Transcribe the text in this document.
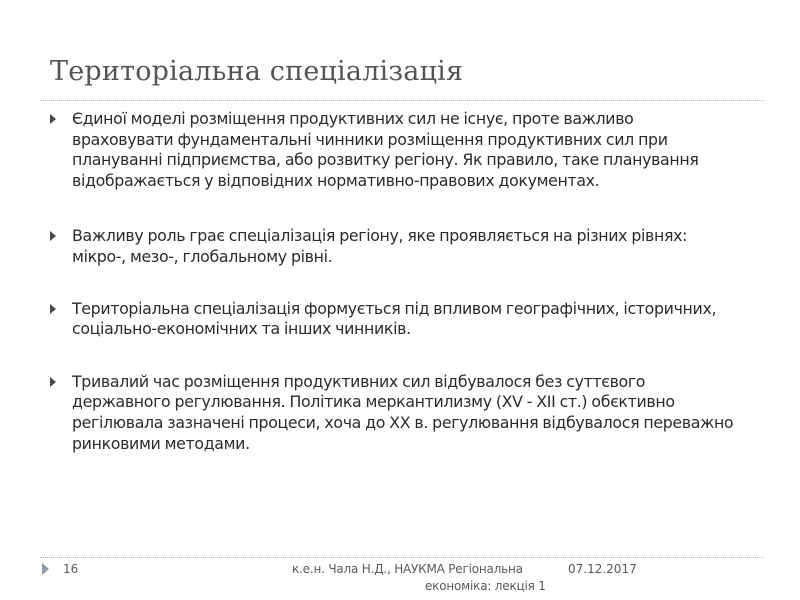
Територіальна спеціалізація
Єдиної моделі розміщення продуктивних сил не існує, проте важливо враховувати фундаментальні чинники розміщення продуктивних сил при плануванні підприємства, або розвитку регіону. Як правило, таке планування відображається у відповідних нормативно-правових документах.
Важливу роль грає спеціалізація регіону, яке проявляється на різних рівнях: мікро-, мезо-, глобальному рівні.
Територіальна спеціалізація формується під впливом географічних, історичних, соціально-економічних та інших чинників.
Тривалий час розміщення продуктивних сил відбувалося без суттєвого державного регулювання. Політика меркантилизму (XV - XII ст.) обєктивно регілювала зазначені процеси, хоча до ХХ в. регулювання відбувалося переважно ринковими методами.
16	к.е.н. Чала Н.Д., НАУКМА Регіональна
економіка: лекція 1
07.12.2017
